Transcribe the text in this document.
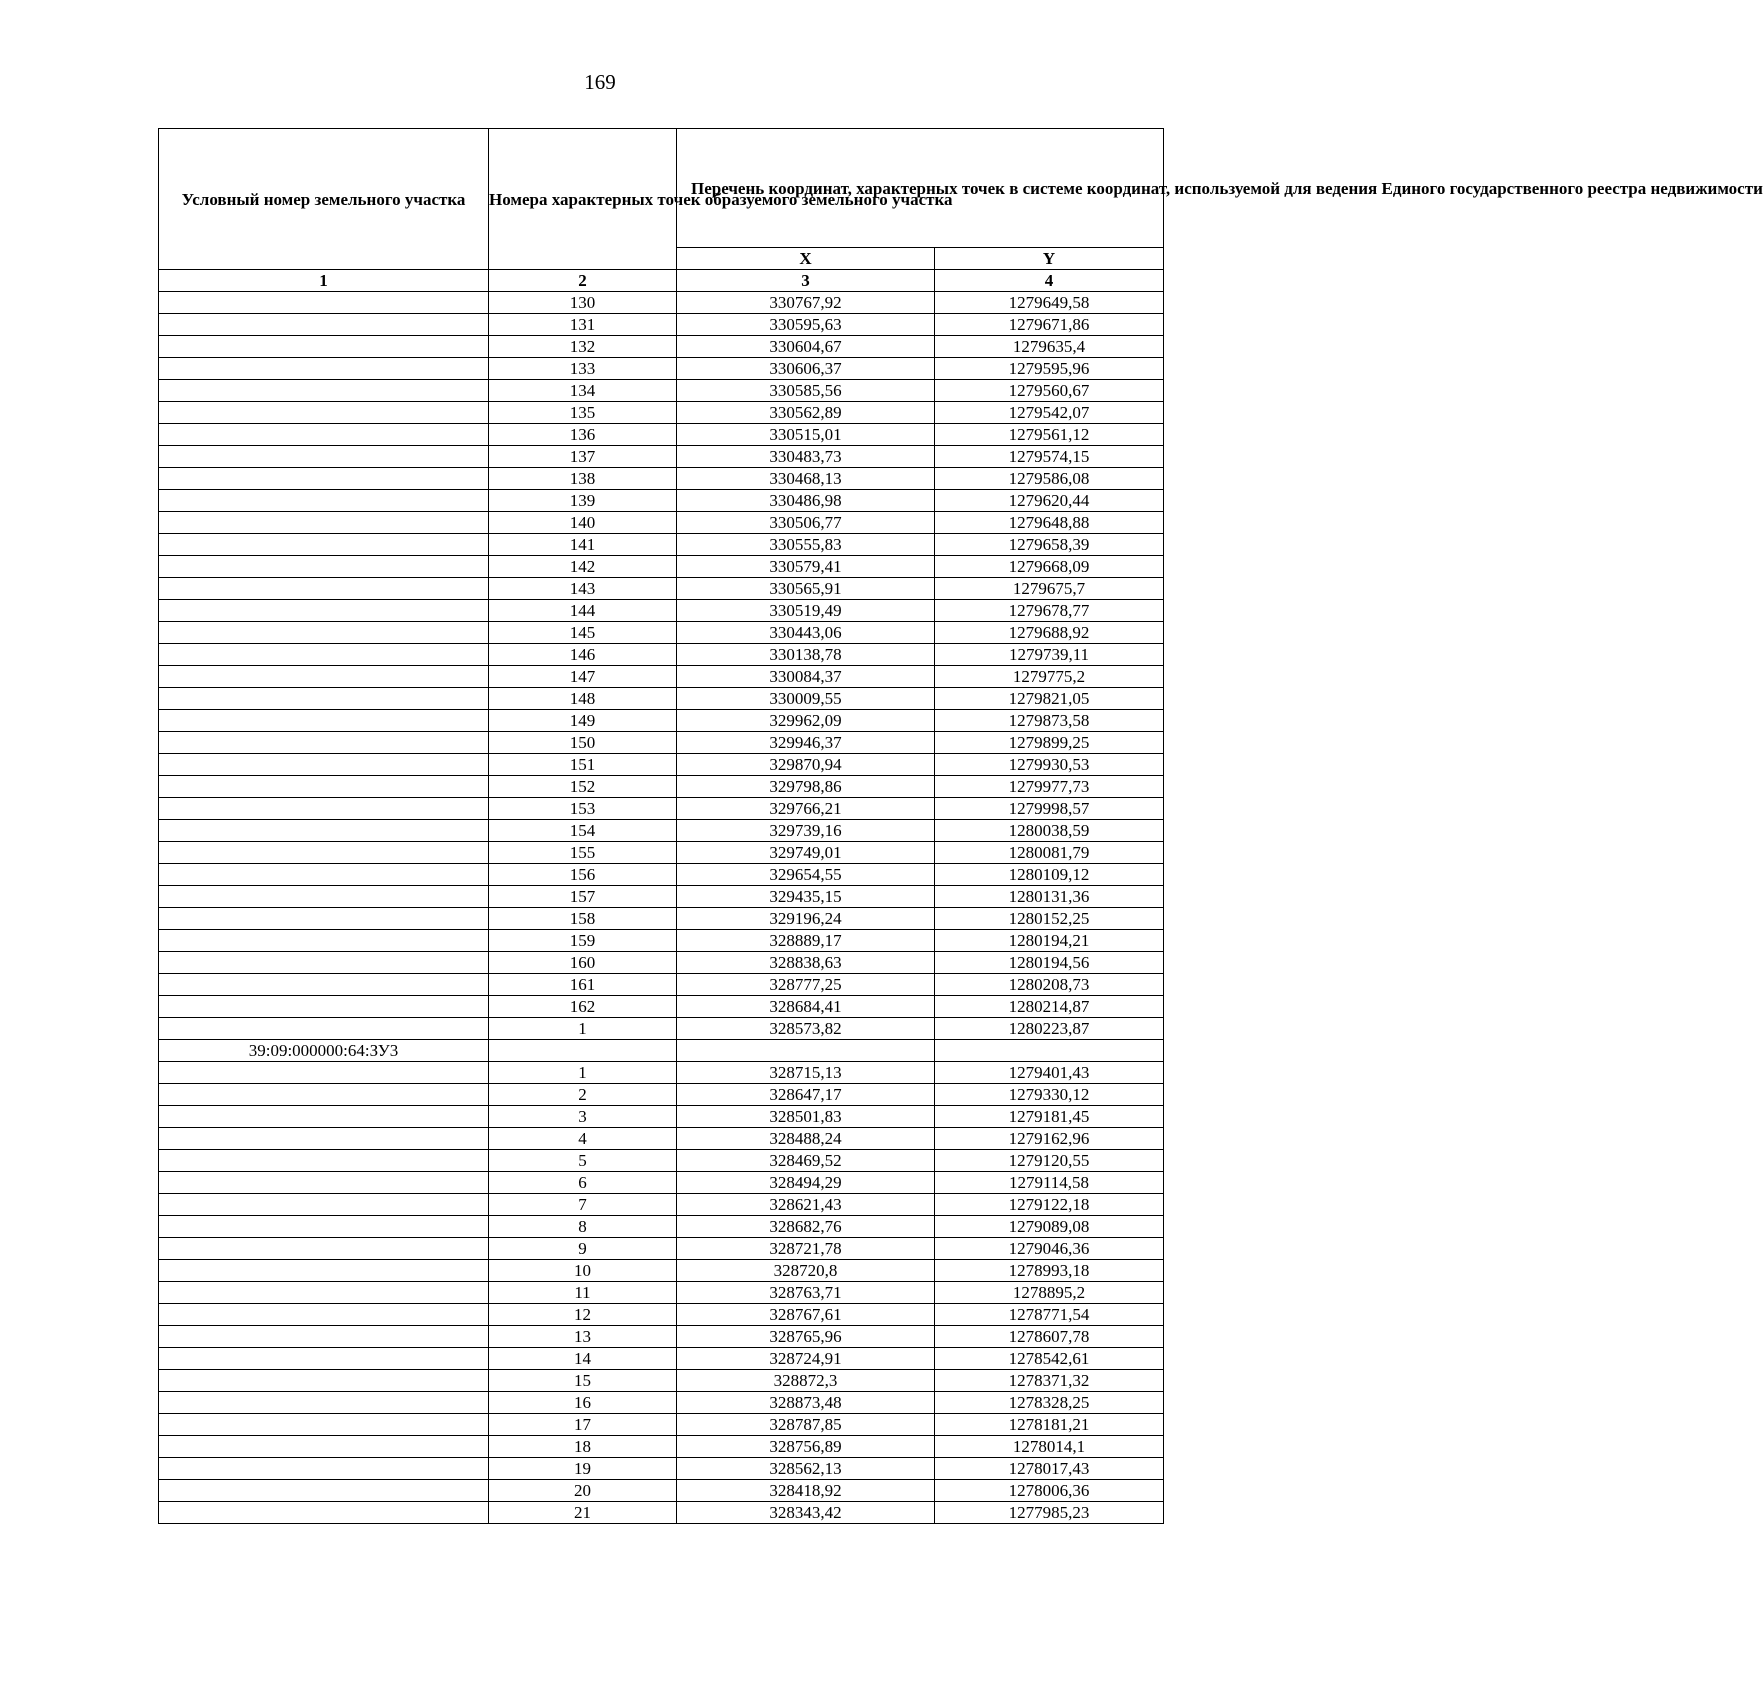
169
Условный номер земельного участка	Номера характерных точек образуемого земельного участка	Перечень координат, характерных точек в системе координат, используемой для ведения Единого государственного реестра недвижимости	
		X	Y
1	2	3	4
	130	330767,92	1279649,58
	131	330595,63	1279671,86
	132	330604,67	1279635,4
	133	330606,37	1279595,96
	134	330585,56	1279560,67
	135	330562,89	1279542,07
	136	330515,01	1279561,12
	137	330483,73	1279574,15
	138	330468,13	1279586,08
	139	330486,98	1279620,44
	140	330506,77	1279648,88
	141	330555,83	1279658,39
	142	330579,41	1279668,09
	143	330565,91	1279675,7
	144	330519,49	1279678,77
	145	330443,06	1279688,92
	146	330138,78	1279739,11
	147	330084,37	1279775,2
	148	330009,55	1279821,05
	149	329962,09	1279873,58
	150	329946,37	1279899,25
	151	329870,94	1279930,53
	152	329798,86	1279977,73
	153	329766,21	1279998,57
	154	329739,16	1280038,59
	155	329749,01	1280081,79
	156	329654,55	1280109,12
	157	329435,15	1280131,36
	158	329196,24	1280152,25
	159	328889,17	1280194,21
	160	328838,63	1280194,56
	161	328777,25	1280208,73
	162	328684,41	1280214,87
	1	328573,82	1280223,87
39:09:000000:64:ЗУ3			
	1	328715,13	1279401,43
	2	328647,17	1279330,12
	3	328501,83	1279181,45
	4	328488,24	1279162,96
	5	328469,52	1279120,55
	6	328494,29	1279114,58
	7	328621,43	1279122,18
	8	328682,76	1279089,08
	9	328721,78	1279046,36
	10	328720,8	1278993,18
	11	328763,71	1278895,2
	12	328767,61	1278771,54
	13	328765,96	1278607,78
	14	328724,91	1278542,61
	15	328872,3	1278371,32
	16	328873,48	1278328,25
	17	328787,85	1278181,21
	18	328756,89	1278014,1
	19	328562,13	1278017,43
	20	328418,92	1278006,36
	21	328343,42	1277985,23
